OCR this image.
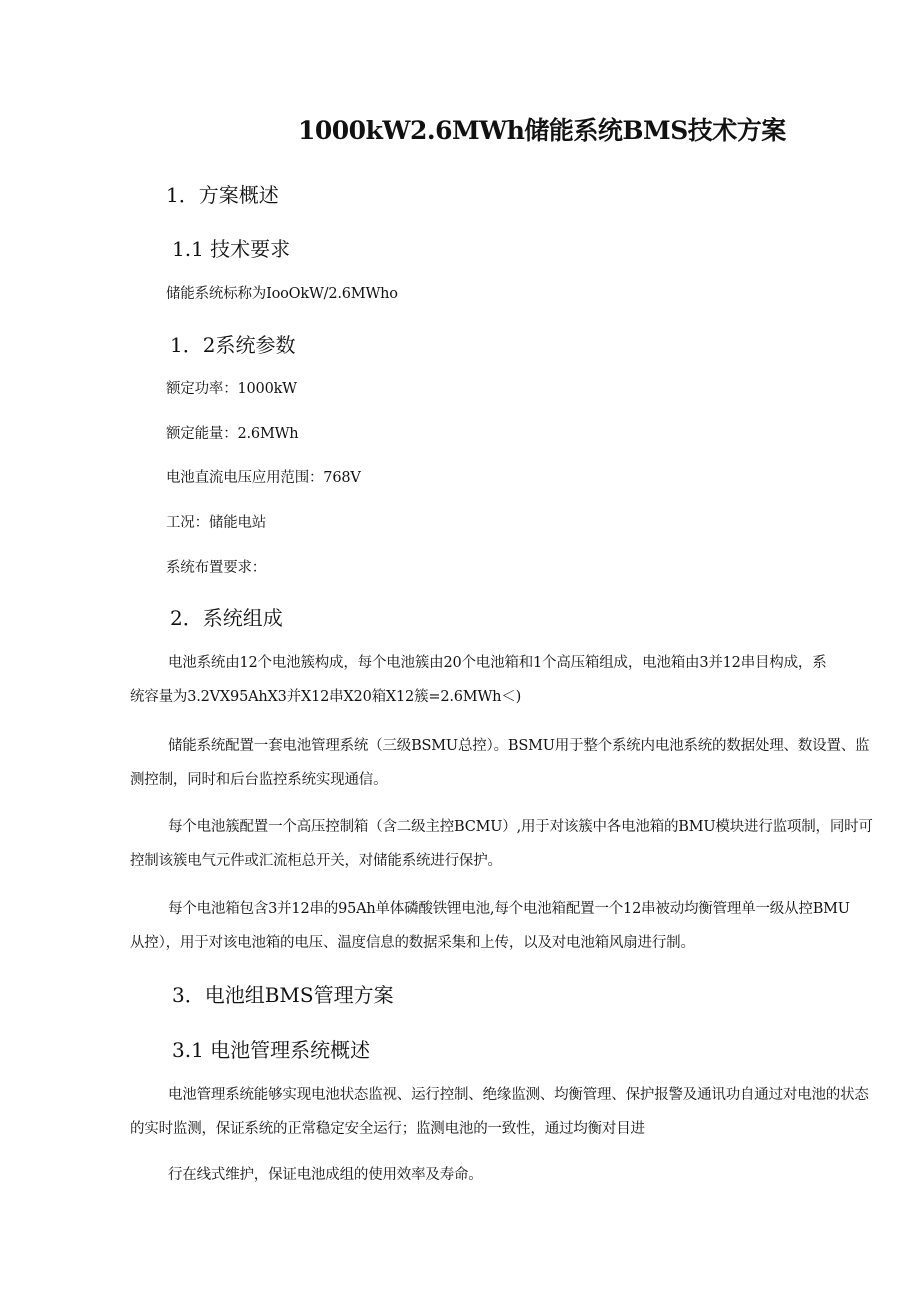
1000kW2.6MWh储能系统BMS技术方案
1．方案概述
1.1 技术要求
储能系统标称为IooOkW/2.6MWho
1．2系统参数
额定功率：1000kW
额定能量：2.6MWh
电池直流电压应用范围：768V
工况：储能电站
系统布置要求：
2．系统组成
电池系统由12个电池簇构成，每个电池簇由20个电池箱和1个高压箱组成，电池箱由3并12串目构成，系
统容量为3.2VX95AhX3并X12串X20箱X12簇=2.6MWh＜)
储能系统配置一套电池管理系统（三级BSMU总控）。BSMU用于整个系统内电池系统的数据处理、数设置、监
测控制，同时和后台监控系统实现通信。
每个电池簇配置一个高压控制箱（含二级主控BCMU）,用于对该簇中各电池箱的BMU模块进行监项制，同时可
控制该簇电气元件或汇流柜总开关，对储能系统进行保护。
每个电池箱包含3并12串的95Ah单体磷酸铁锂电池,每个电池箱配置一个12串被动均衡管理单一级从控BMU
从控），用于对该电池箱的电压、温度信息的数据采集和上传，以及对电池箱风扇进行制。
3．电池组BMS管理方案
3.1 电池管理系统概述
电池管理系统能够实现电池状态监视、运行控制、绝缘监测、均衡管理、保护报警及通讯功自通过对电池的状态
的实时监测，保证系统的正常稳定安全运行；监测电池的一致性，通过均衡对目进
行在线式维护，保证电池成组的使用效率及寿命。
